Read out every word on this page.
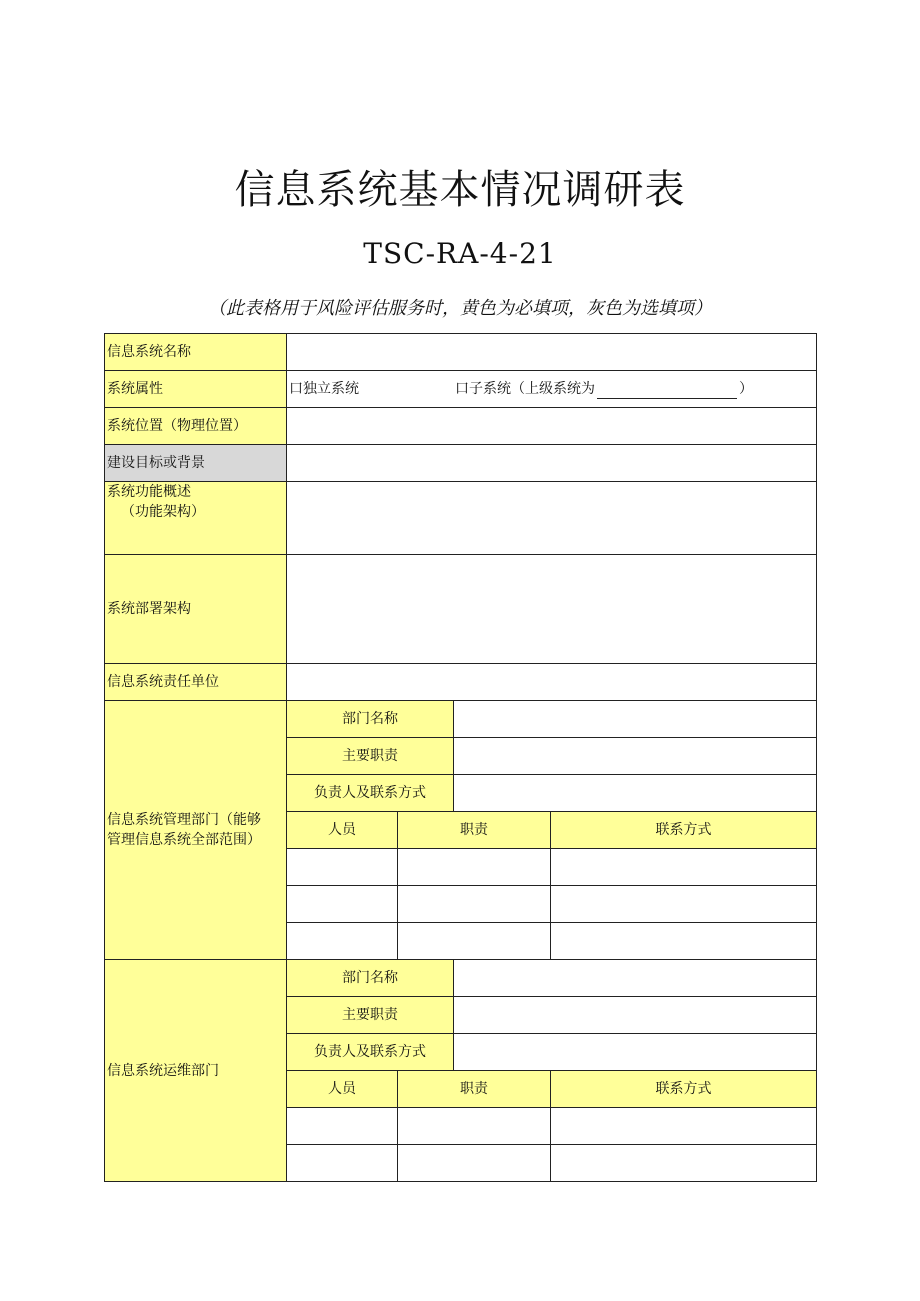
信息系统基本情况调研表
TSC-RA-4-21
（此表格用于风险评估服务时，黄色为必填项，灰色为选填项）
信息系统名称				
系统属性	口独立系统 口子系统（上级系统为 ）			
系统位置（物理位置）				
建设目标或背景				

系统功能概述
（功能架构）				

系统部署架构				
信息系统责任单位				

信息系统管理部门（能够
管理信息系统全部范围）	部门名称			
	主要职责			
	负责人及联系方式			
	人员	职责		联系方式

信息系统运维部门	部门名称			
	主要职责			
	负责人及联系方式			
	人员	职责		联系方式
